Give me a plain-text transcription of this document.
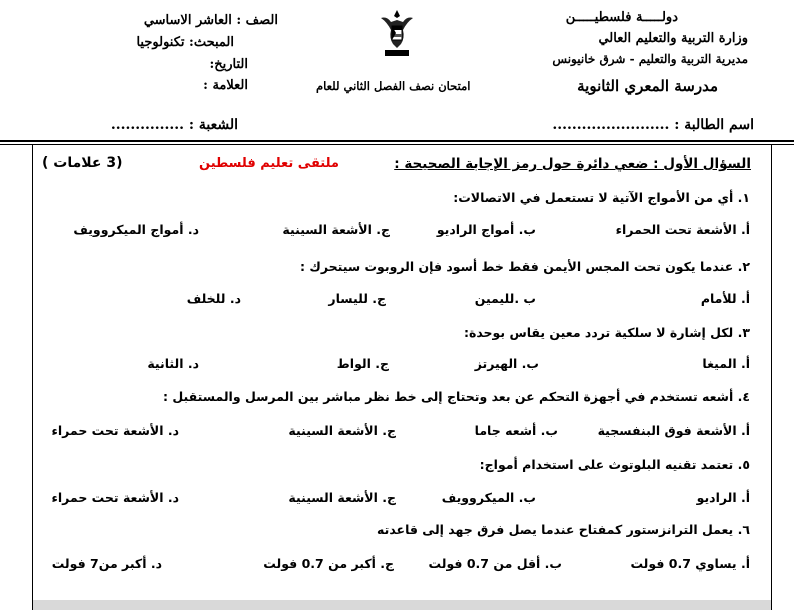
دولـــــة فلسطيـــــن
وزارة التربية والتعليم العالي
مديرية التربية والتعليم - شرق خانيونس
مدرسة المعري الثانوية
امتحان نصف الفصل الثاني للعام
الصف : العاشر الاساسي
المبحث: تكنولوجيا
التاريخ:
العلامة :
اسم الطالبة : ........................
الشعبة : ...............
السؤال الأول : ضعي دائرة حول رمز الإجابة الصحيحة :
ملتقى تعليم فلسطين
(3 علامات )
١. أي من الأمواج الآتية لا تستعمل في الاتصالات:
أ. الأشعة تحت الحمراء
ب. أمواج الراديو
ج. الأشعة السينية
د. أمواج الميكروويف
٢. عندما يكون تحت المجس الأيمن فقط خط أسود فإن الروبوت سيتحرك :
أ. للأمام
ب .لليمين
ج. لليسار
د. للخلف
٣. لكل إشارة لا سلكية تردد معين يقاس بوحدة:
أ. الميغا
ب. الهيرتز
ج. الواط
د. الثانية
٤. أشعه تستخدم في أجهزة التحكم عن بعد وتحتاج إلى خط نظر مباشر بين المرسل والمستقبل :
أ. الأشعة فوق البنفسجية
ب. أشعه جاما
ج. الأشعة السينية
د. الأشعة تحت حمراء
٥. تعتمد تقنيه البلوتوث على استخدام أمواج:
أ. الراديو
ب. الميكروويف
ج. الأشعة السينية
د. الأشعة تحت حمراء
٦. يعمل الترانزستور كمفتاح عندما يصل فرق جهد إلى قاعدته
أ. يساوي 0.7 فولت
ب. أقل من 0.7 فولت
ج. أكبر من 0.7 فولت
د. أكبر من7 فولت
